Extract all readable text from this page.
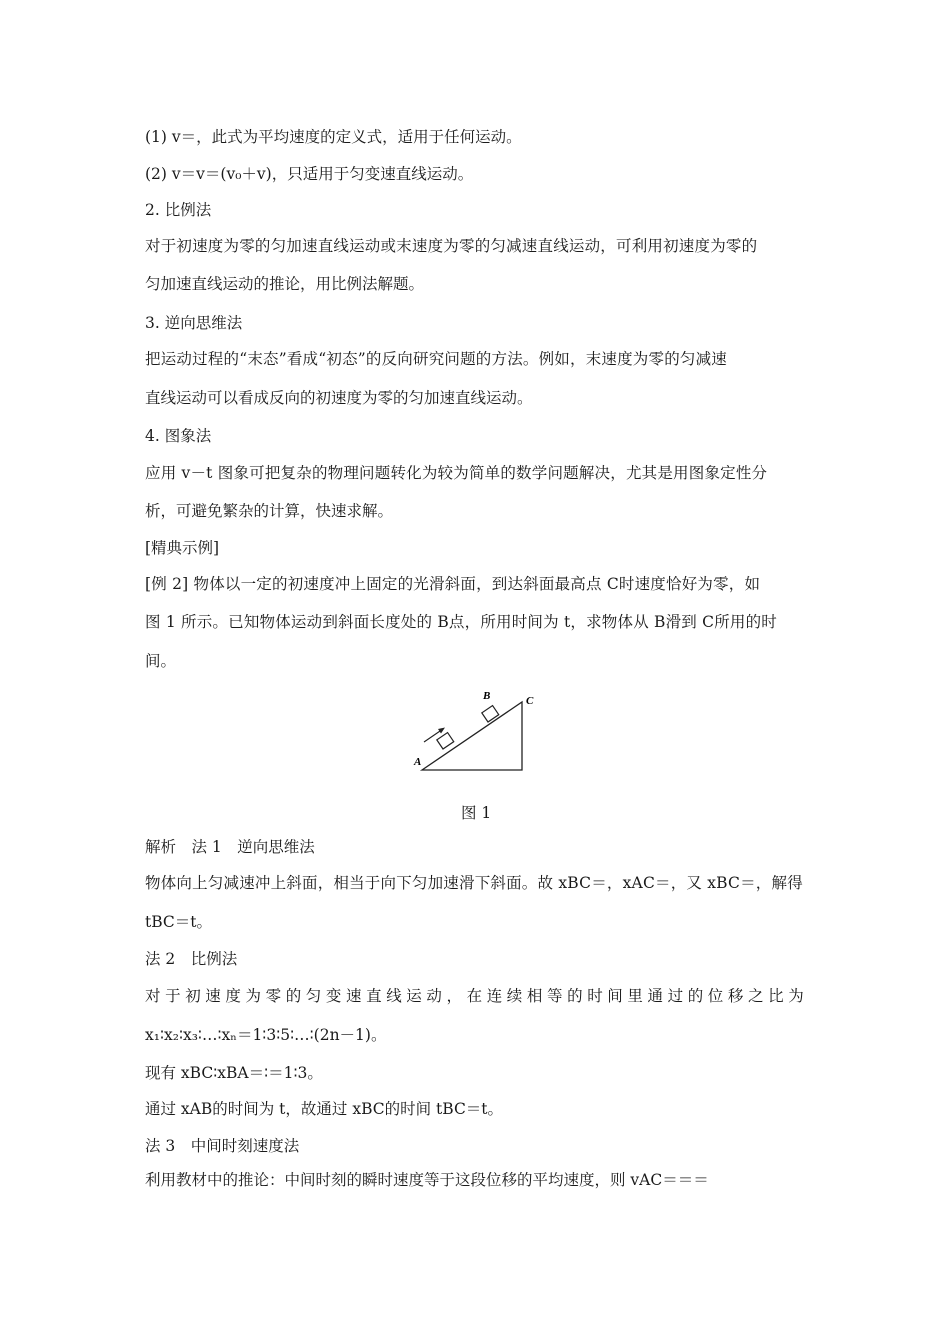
(1) v＝，此式为平均速度的定义式，适用于任何运动。
(2) v＝v＝(v₀＋v)，只适用于匀变速直线运动。
2. 比例法
对于初速度为零的匀加速直线运动或末速度为零的匀减速直线运动，可利用初速度为零的
匀加速直线运动的推论，用比例法解题。
3. 逆向思维法
把运动过程的“末态”看成“初态”的反向研究问题的方法。例如，末速度为零的匀减速
直线运动可以看成反向的初速度为零的匀加速直线运动。
4. 图象法
应用 v－t 图象可把复杂的物理问题转化为较为简单的数学问题解决，尤其是用图象定性分
析，可避免繁杂的计算，快速求解。
[精典示例]
[例 2] 物体以一定的初速度冲上固定的光滑斜面，到达斜面最高点 C时速度恰好为零，如
图 1 所示。已知物体运动到斜面长度处的 B点，所用时间为 t，求物体从 B滑到 C所用的时
间。
A
B	C
图 1
解析　法 1　逆向思维法
物体向上匀减速冲上斜面，相当于向下匀加速滑下斜面。故 xBC＝，xAC＝，又 xBC＝，解得
tBC＝t。
法 2　比例法
对于初速度为零的匀变速直线运动，在连续相等的时间里通过的位移之比为
x₁∶x₂∶x₃∶…∶xₙ＝1∶3∶5∶…∶(2n－1)。
现有 xBC∶xBA＝∶＝1∶3。
通过 xAB的时间为 t，故通过 xBC的时间 tBC＝t。
法 3　中间时刻速度法
利用教材中的推论：中间时刻的瞬时速度等于这段位移的平均速度，则 vAC＝＝＝
